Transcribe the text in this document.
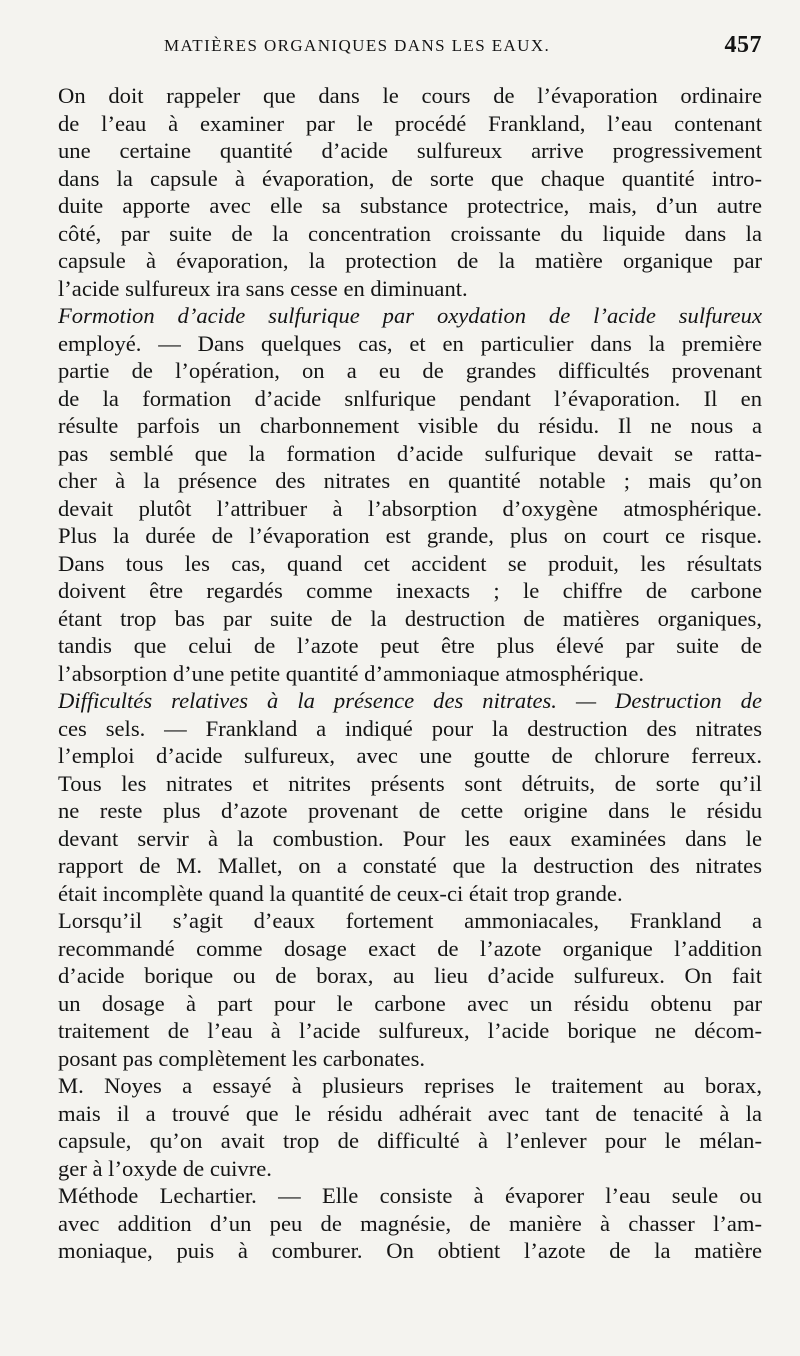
MATIÈRES ORGANIQUES DANS LES EAUX.	457
On doit rappeler que dans le cours de l’évaporation ordinaire
de l’eau à examiner par le procédé Frankland, l’eau contenant
une certaine quantité d’acide sulfureux arrive progressivement
dans la capsule à évaporation, de sorte que chaque quantité intro-
duite apporte avec elle sa substance protectrice, mais, d’un autre
côté, par suite de la concentration croissante du liquide dans la
capsule à évaporation, la protection de la matière organique par
l’acide sulfureux ira sans cesse en diminuant.
Formotion d’acide sulfurique par oxydation de l’acide sulfureux
employé. — Dans quelques cas, et en particulier dans la première
partie de l’opération, on a eu de grandes difficultés provenant
de la formation d’acide snlfurique pendant l’évaporation. Il en
résulte parfois un charbonnement visible du résidu. Il ne nous a
pas semblé que la formation d’acide sulfurique devait se ratta-
cher à la présence des nitrates en quantité notable ; mais qu’on
devait plutôt l’attribuer à l’absorption d’oxygène atmosphérique.
Plus la durée de l’évaporation est grande, plus on court ce risque.
Dans tous les cas, quand cet accident se produit, les résultats
doivent être regardés comme inexacts ; le chiffre de carbone
étant trop bas par suite de la destruction de matières organiques,
tandis que celui de l’azote peut être plus élevé par suite de
l’absorption d’une petite quantité d’ammoniaque atmosphérique.
Difficultés relatives à la présence des nitrates. — Destruction de
ces sels. — Frankland a indiqué pour la destruction des nitrates
l’emploi d’acide sulfureux, avec une goutte de chlorure ferreux.
Tous les nitrates et nitrites présents sont détruits, de sorte qu’il
ne reste plus d’azote provenant de cette origine dans le résidu
devant servir à la combustion. Pour les eaux examinées dans le
rapport de M. Mallet, on a constaté que la destruction des nitrates
était incomplète quand la quantité de ceux-ci était trop grande.
Lorsqu’il s’agit d’eaux fortement ammoniacales, Frankland a
recommandé comme dosage exact de l’azote organique l’addition
d’acide borique ou de borax, au lieu d’acide sulfureux. On fait
un dosage à part pour le carbone avec un résidu obtenu par
traitement de l’eau à l’acide sulfureux, l’acide borique ne décom-
posant pas complètement les carbonates.
M. Noyes a essayé à plusieurs reprises le traitement au borax,
mais il a trouvé que le résidu adhérait avec tant de tenacité à la
capsule, qu’on avait trop de difficulté à l’enlever pour le mélan-
ger à l’oxyde de cuivre.
Méthode Lechartier. — Elle consiste à évaporer l’eau seule ou
avec addition d’un peu de magnésie, de manière à chasser l’am-
moniaque, puis à comburer. On obtient l’azote de la matière
